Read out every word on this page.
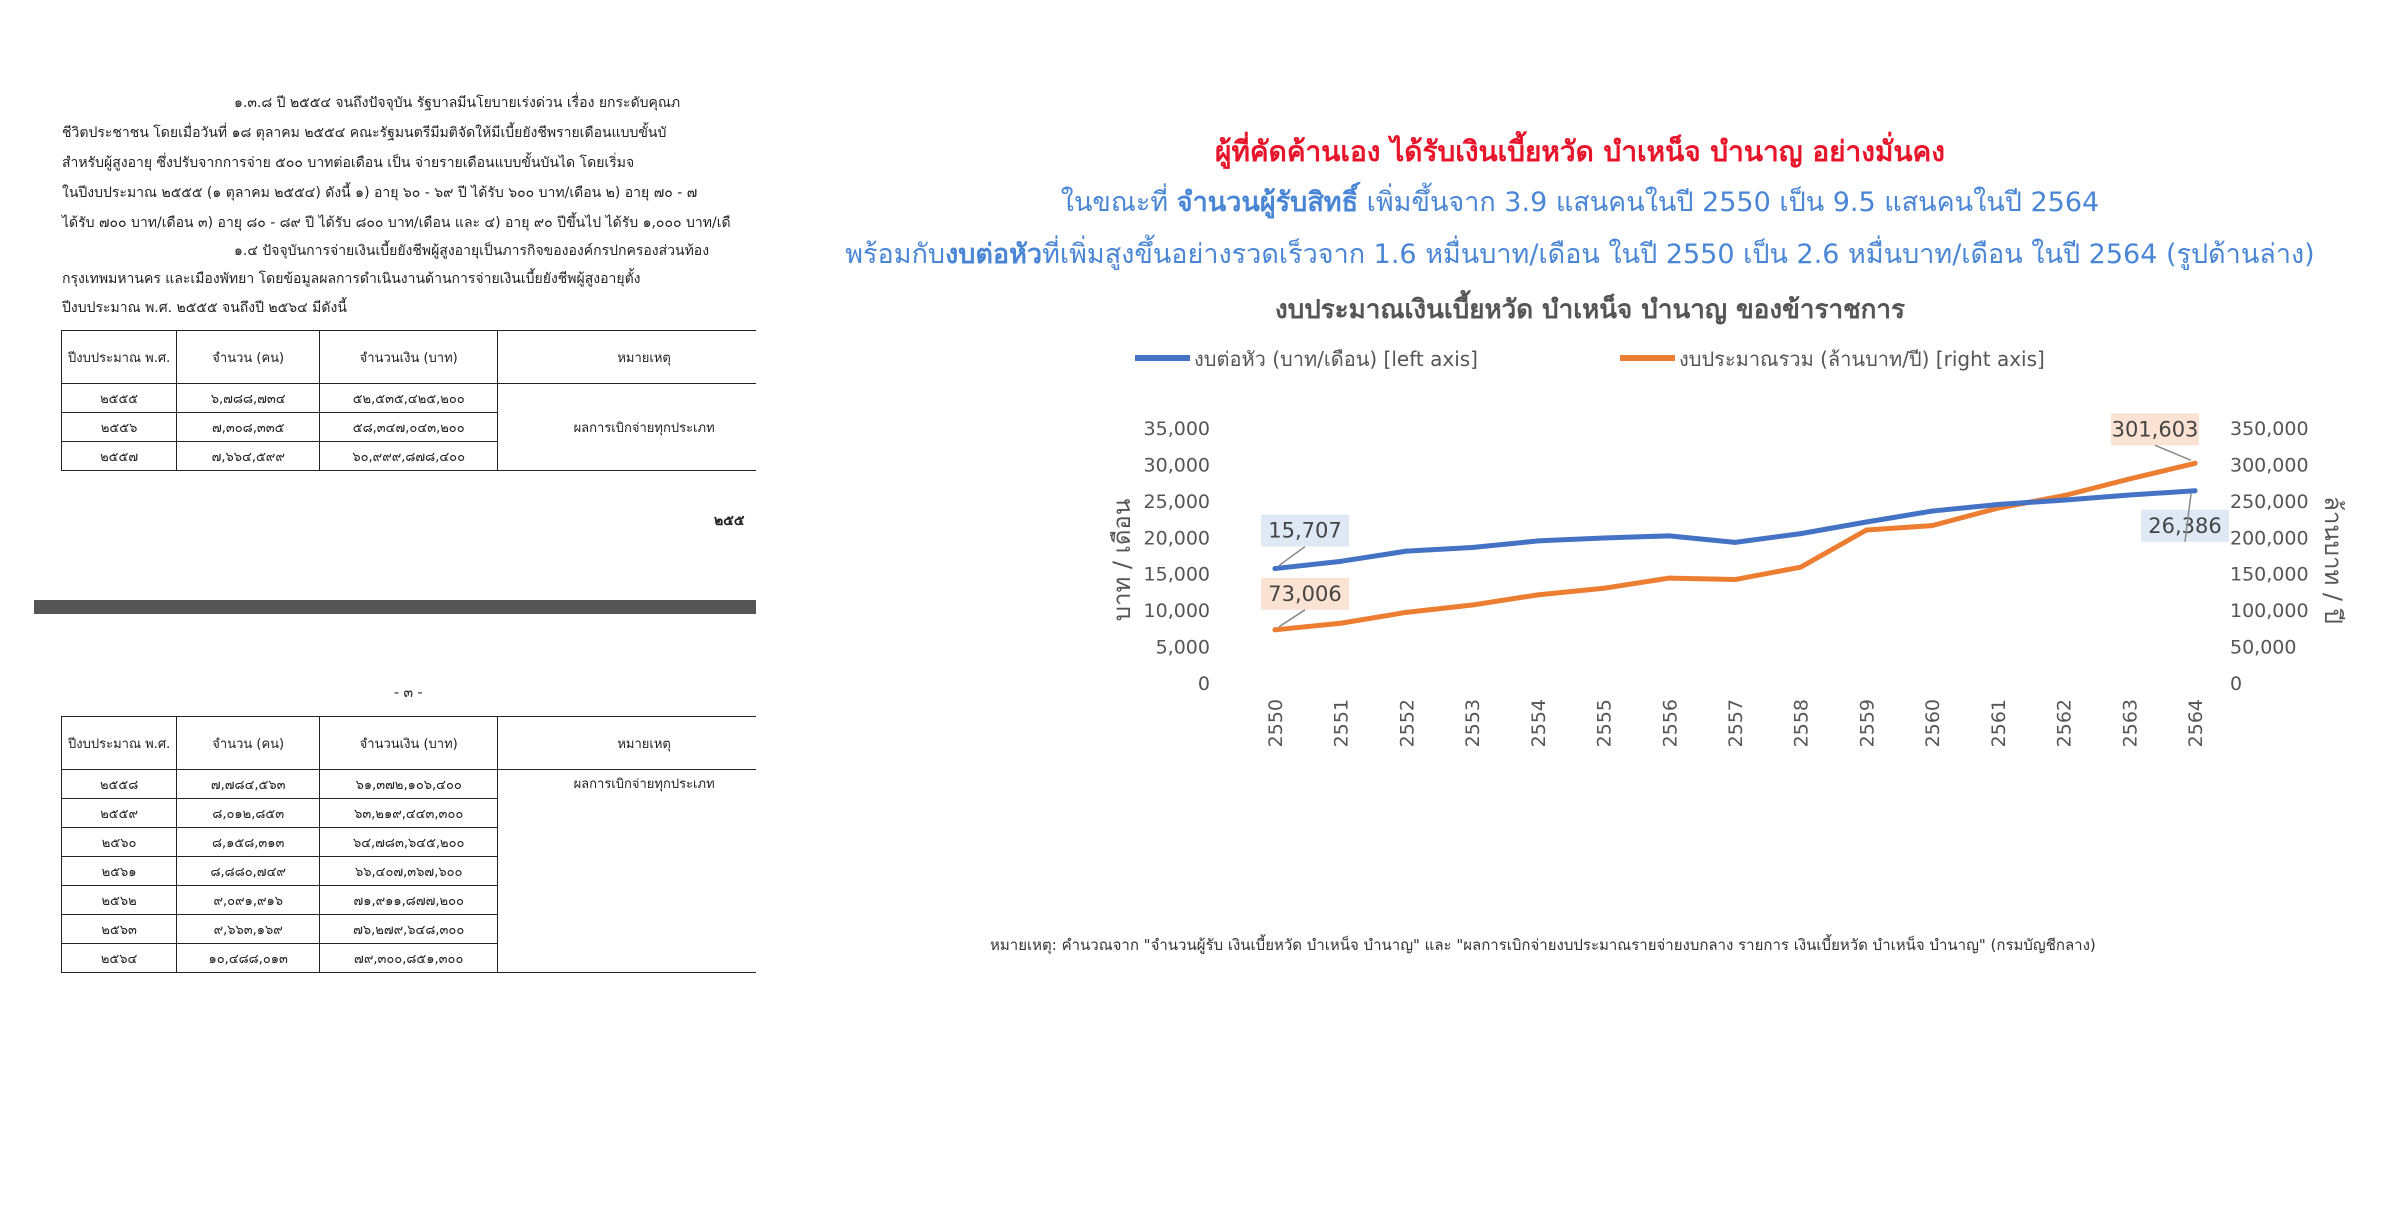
๑.๓.๘ ปี ๒๕๕๔ จนถึงปัจจุบัน รัฐบาลมีนโยบายเร่งด่วน เรื่อง ยกระดับคุณภ
ชีวิตประชาชน โดยเมื่อวันที่ ๑๘ ตุลาคม ๒๕๕๔ คณะรัฐมนตรีมีมติจัดให้มีเบี้ยยังชีพรายเดือนแบบขั้นบั
สำหรับผู้สูงอายุ ซึ่งปรับจากการจ่าย ๕๐๐ บาทต่อเดือน เป็น จ่ายรายเดือนแบบขั้นบันได โดยเริ่มจ
ในปีงบประมาณ ๒๕๕๕ (๑ ตุลาคม ๒๕๕๔) ดังนี้ ๑) อายุ ๖๐ - ๖๙ ปี ได้รับ ๖๐๐ บาท/เดือน ๒) อายุ ๗๐ - ๗
ได้รับ ๗๐๐ บาท/เดือน ๓) อายุ ๘๐ - ๘๙ ปี ได้รับ ๘๐๐ บาท/เดือน และ ๔) อายุ ๙๐ ปีขึ้นไป ได้รับ ๑,๐๐๐ บาท/เดื
๑.๔ ปัจจุบันการจ่ายเงินเบี้ยยังชีพผู้สูงอายุเป็นภารกิจขององค์กรปกครองส่วนท้อง
กรุงเทพมหานคร และเมืองพัทยา โดยข้อมูลผลการดำเนินงานด้านการจ่ายเงินเบี้ยยังชีพผู้สูงอายุตั้ง
ปีงบประมาณ พ.ศ. ๒๕๕๕ จนถึงปี ๒๕๖๔ มีดังนี้
ปีงบประมาณ พ.ศ.	จำนวน (คน)	จำนวนเงิน (บาท)	หมายเหตุ
๒๕๕๕	๖,๗๘๘,๗๓๔	๕๒,๕๓๕,๔๒๕,๒๐๐	ผลการเบิกจ่ายทุกประเภท
๒๕๕๖	๗,๓๐๘,๓๓๕	๕๘,๓๔๗,๐๔๓,๒๐๐	
๒๕๕๗	๗,๖๖๔,๕๙๙	๖๐,๙๙๙,๘๗๘,๔๐๐	
๒๕๕
- ๓ -
ปีงบประมาณ พ.ศ.	จำนวน (คน)	จำนวนเงิน (บาท)	หมายเหตุ
๒๕๕๘	๗,๗๘๔,๕๖๓	๖๑,๓๗๒,๑๐๖,๔๐๐	ผลการเบิกจ่ายทุกประเภท
๒๕๕๙	๘,๐๑๒,๘๕๓	๖๓,๒๑๙,๔๔๓,๓๐๐	
๒๕๖๐	๘,๑๕๘,๓๑๓	๖๔,๗๘๓,๖๔๕,๒๐๐	
๒๕๖๑	๘,๘๘๐,๗๔๙	๖๖,๔๐๗,๓๖๗,๖๐๐	
๒๕๖๒	๙,๐๙๑,๙๑๖	๗๑,๙๑๑,๘๗๗,๒๐๐	
๒๕๖๓	๙,๖๖๓,๑๖๙	๗๖,๒๗๙,๖๔๘,๓๐๐	
๒๕๖๔	๑๐,๔๘๘,๐๑๓	๗๙,๓๐๐,๘๕๑,๓๐๐	
ผู้ที่คัดค้านเอง ได้รับเงินเบี้ยหวัด บำเหน็จ บำนาญ อย่างมั่นคง
ในขณะที่ จำนวนผู้รับสิทธิ์ เพิ่มขึ้นจาก 3.9 แสนคนในปี 2550 เป็น 9.5 แสนคนในปี 2564
พร้อมกับงบต่อหัวที่เพิ่มสูงขึ้นอย่างรวดเร็วจาก 1.6 หมื่นบาท/เดือน ในปี 2550 เป็น 2.6 หมื่นบาท/เดือน ในปี 2564 (รูปด้านล่าง)
งบประมาณเงินเบี้ยหวัด บำเหน็จ บำนาญ ของข้าราชการ
งบต่อหัว (บาท/เดือน) [left axis]	งบประมาณรวม (ล้านบาท/ปี) [right axis]
0
5,000
10,000
15,000
20,000
25,000
30,000
35,000
0
50,000
100,000
150,000
200,000
250,000
300,000
350,000
บาท / เดือน	ล้านบาท / ปี
2550 2551 2552 2553 2554 2555 2556 2557 2558 2559 2560 2561 2562 2563 2564
15,707	26,386
73,006
301,603
หมายเหตุ: คำนวณจาก "จำนวนผู้รับ เงินเบี้ยหวัด บำเหน็จ บำนาญ" และ "ผลการเบิกจ่ายงบประมาณรายจ่ายงบกลาง รายการ เงินเบี้ยหวัด บำเหน็จ บำนาญ" (กรมบัญชีกลาง)
